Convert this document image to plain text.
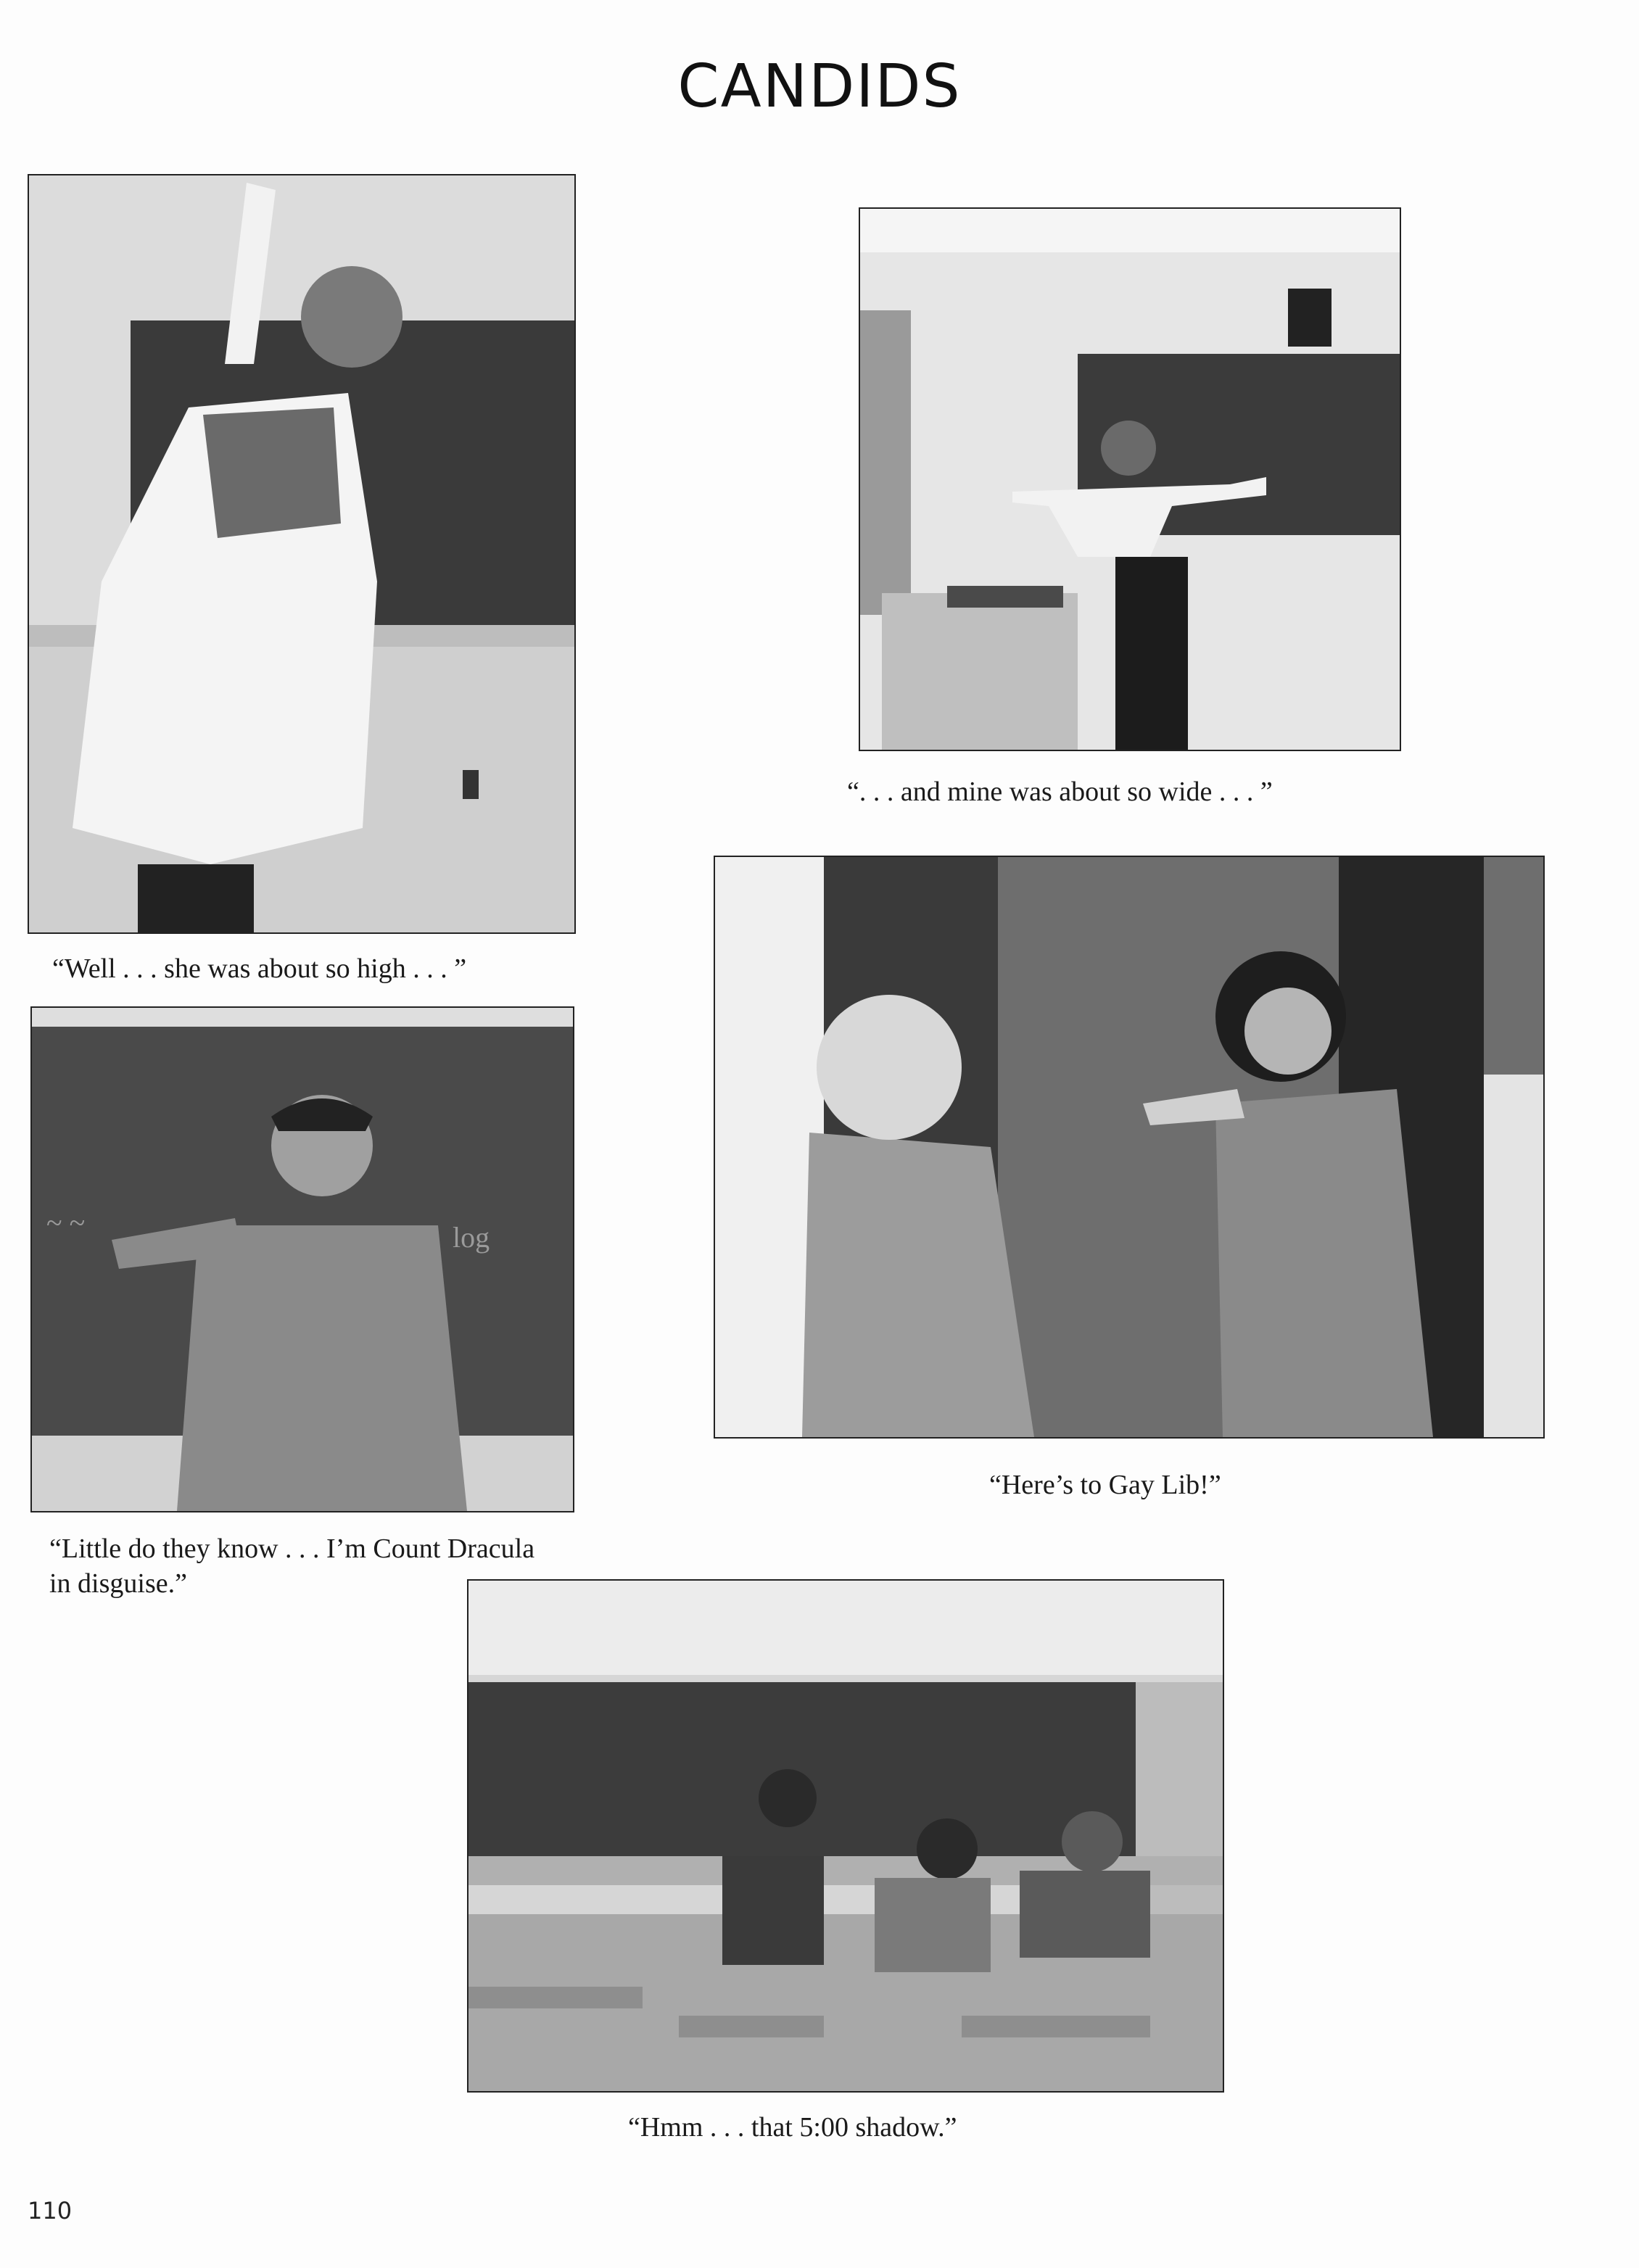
CANDIDS
“Well . . . she was about so high . . . ”
“. . . and mine was about so wide . . . ”
~ ~	log
“Little do they know . . . I’m Count Dracula in disguise.”
“Here’s to Gay Lib!”
“Hmm . . . that 5:00 shadow.”
110
